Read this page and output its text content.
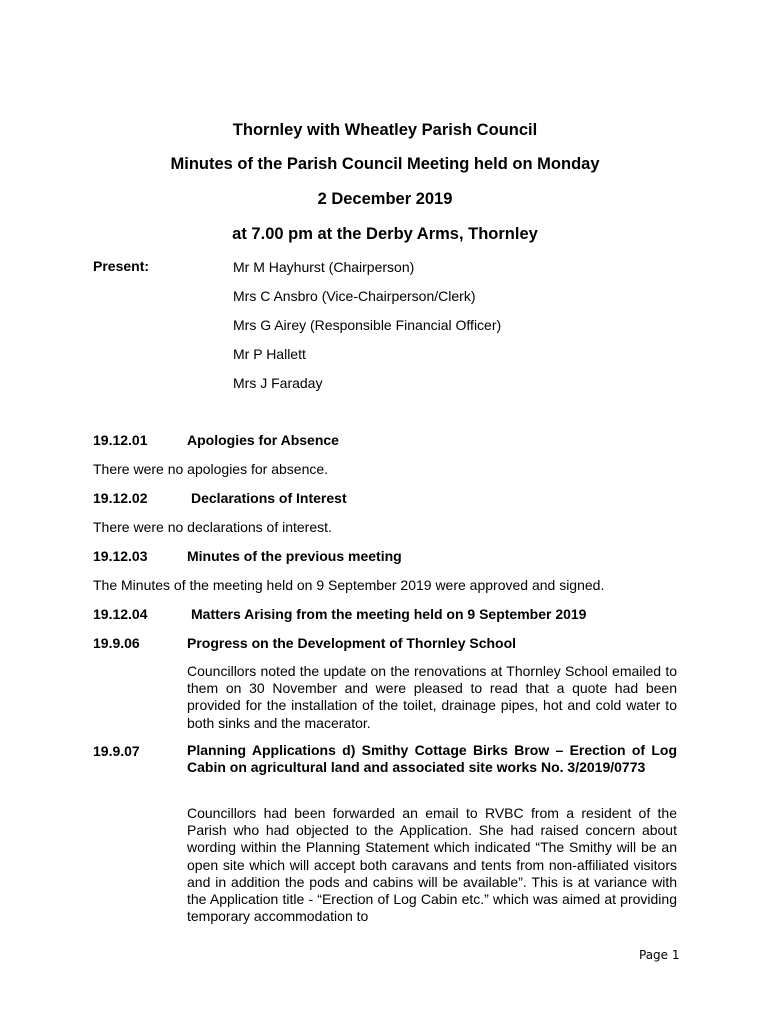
Thornley with Wheatley Parish Council
Minutes of the Parish Council Meeting held on Monday
2 December 2019
at 7.00 pm at the Derby Arms, Thornley
Present:	Mr M Hayhurst (Chairperson)
Mrs C Ansbro (Vice-Chairperson/Clerk)
Mrs G Airey (Responsible Financial Officer)
Mr P Hallett
Mrs J Faraday
19.12.01	Apologies for Absence
There were no apologies for absence.
19.12.02	Declarations of Interest
There were no declarations of interest.
19.12.03	Minutes of the previous meeting
The Minutes of the meeting held on 9 September 2019 were approved and signed.
19.12.04	Matters Arising from the meeting held on 9 September 2019
19.9.06	Progress on the Development of Thornley School
Councillors noted the update on the renovations at Thornley School emailed to them on 30 November and were pleased to read that a quote had been provided for the installation of the toilet, drainage pipes, hot and cold water to both sinks and the macerator.
19.9.07	Planning Applications d) Smithy Cottage Birks Brow – Erection of Log Cabin on agricultural land and associated site works No. 3/2019/0773
Councillors had been forwarded an email to RVBC from a resident of the Parish who had objected to the Application. She had raised concern about wording within the Planning Statement which indicated “The Smithy will be an open site which will accept both caravans and tents from non-affiliated visitors and in addition the pods and cabins will be available”. This is at variance with the Application title - “Erection of Log Cabin etc.” which was aimed at providing temporary accommodation to
Page 1
